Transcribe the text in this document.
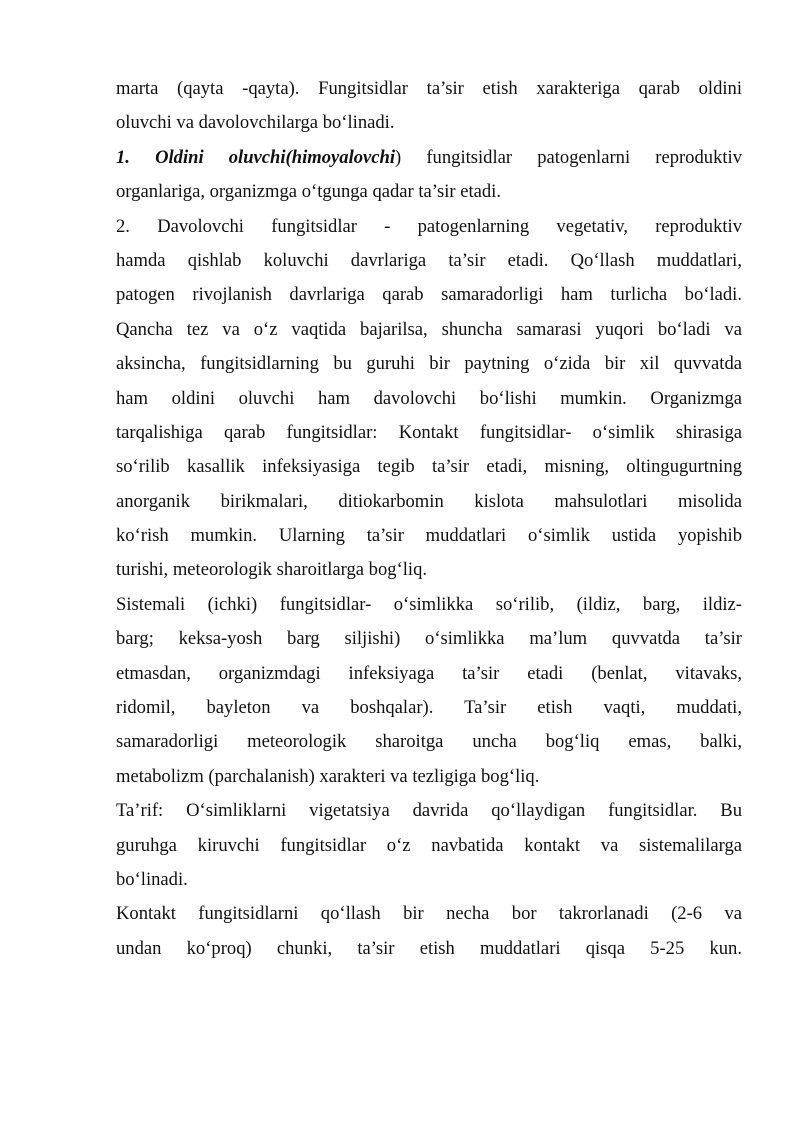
marta (qayta -qayta). Fungitsidlar ta’sir etish xarakteriga qarab oldini
oluvchi va davolovchilarga bo‘linadi.
1. Oldini oluvchi(himoyalovchi) fungitsidlar patogenlarni reproduktiv
organlariga, organizmga o‘tgunga qadar ta’sir etadi.
2. Davolovchi fungitsidlar - patogenlarning vegetativ, reproduktiv
hamda qishlab koluvchi davrlariga ta’sir etadi. Qo‘llash muddatlari,
patogen rivojlanish davrlariga qarab samaradorligi ham turlicha bo‘ladi.
Qancha tez va o‘z vaqtida bajarilsa, shuncha samarasi yuqori bo‘ladi va
aksincha, fungitsidlarning bu guruhi bir paytning o‘zida bir xil quvvatda
ham oldini oluvchi ham davolovchi bo‘lishi mumkin. Organizmga
tarqalishiga qarab fungitsidlar: Kontakt fungitsidlar- o‘simlik shirasiga
so‘rilib kasallik infeksiyasiga tegib ta’sir etadi, misning, oltingugurtning
anorganik birikmalari, ditiokarbomin kislota mahsulotlari misolida
ko‘rish mumkin. Ularning ta’sir muddatlari o‘simlik ustida yopishib
turishi, meteorologik sharoitlarga bog‘liq.
Sistemali (ichki) fungitsidlar- o‘simlikka so‘rilib, (ildiz, barg, ildiz-
barg; keksa-yosh barg siljishi) o‘simlikka ma’lum quvvatda ta’sir
etmasdan, organizmdagi infeksiyaga ta’sir etadi (benlat, vitavaks,
ridomil, bayleton va boshqalar). Ta’sir etish vaqti, muddati,
samaradorligi meteorologik sharoitga uncha bog‘liq emas, balki,
metabolizm (parchalanish) xarakteri va tezligiga bog‘liq.
Ta’rif: O‘simliklarni vigetatsiya davrida qo‘llaydigan fungitsidlar. Bu
guruhga kiruvchi fungitsidlar o‘z navbatida kontakt va sistemalilarga
bo‘linadi.
Kontakt fungitsidlarni qo‘llash bir necha bor takrorlanadi (2-6 va
undan ko‘proq) chunki, ta’sir etish muddatlari qisqa 5-25 kun.
